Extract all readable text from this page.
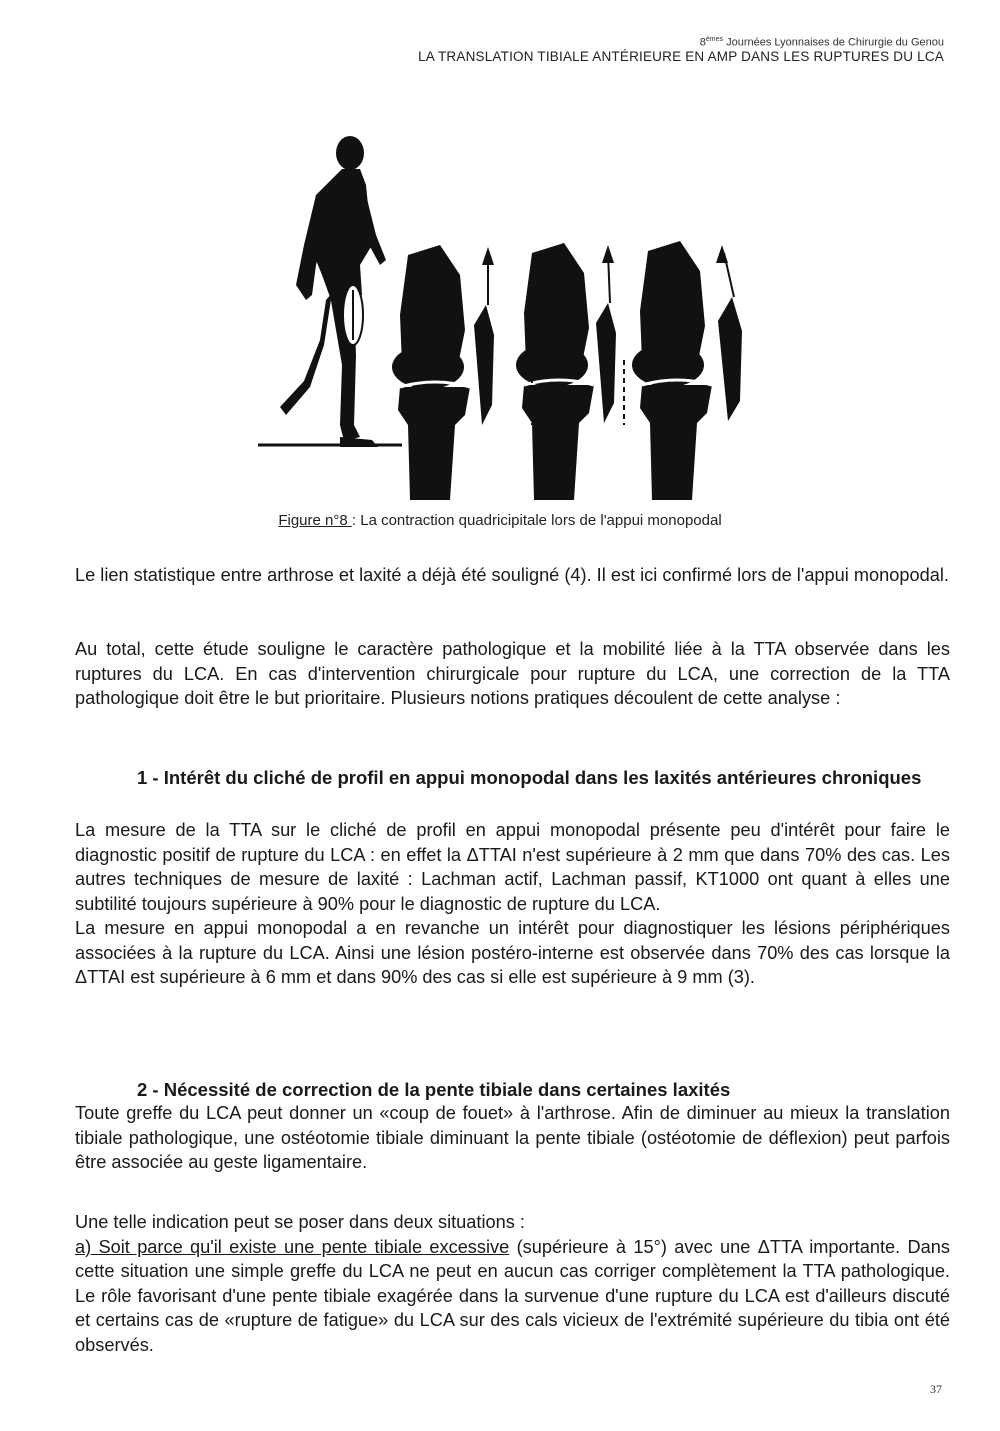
8èmes Journées Lyonnaises de Chirurgie du Genou
LA TRANSLATION TIBIALE ANTÉRIEURE EN AMP DANS LES RUPTURES DU LCA
Figure n°8 : La contraction quadricipitale lors de l'appui monopodal
Le lien statistique entre arthrose et laxité a déjà été souligné (4). Il est ici confirmé lors de l'appui monopodal.
Au total, cette étude souligne le caractère pathologique et la mobilité liée à la TTA observée dans les ruptures du LCA. En cas d'intervention chirurgicale pour rupture du LCA, une correction de la TTA pathologique doit être le but prioritaire. Plusieurs notions pratiques découlent de cette analyse :
1 - Intérêt du cliché de profil en appui monopodal dans les laxités antérieures chroniques

La mesure de la TTA sur le cliché de profil en appui monopodal présente peu d'intérêt pour faire le diagnostic positif de rupture du LCA : en effet la ΔTTAI n'est supérieure à 2 mm que dans 70% des cas. Les autres techniques de mesure de laxité : Lachman actif, Lachman passif, KT1000 ont quant à elles une subtilité toujours supérieure à 90% pour le diagnostic de rupture du LCA.

La mesure en appui monopodal a en revanche un intérêt pour diagnostiquer les lésions périphériques associées à la rupture du LCA. Ainsi une lésion postéro-interne est observée dans 70% des cas lorsque la ΔTTAI est supérieure à 6 mm et dans 90% des cas si elle est supérieure à 9 mm (3).

2 - Nécessité de correction de la pente tibiale dans certaines laxités
Toute greffe du LCA peut donner un «coup de fouet» à l'arthrose. Afin de diminuer au mieux la translation tibiale pathologique, une ostéotomie tibiale diminuant la pente tibiale (ostéotomie de déflexion) peut parfois être associée au geste ligamentaire.

Une telle indication peut se poser dans deux situations :

a) Soit parce qu'il existe une pente tibiale excessive (supérieure à 15°) avec une ΔTTA importante. Dans cette situation une simple greffe du LCA ne peut en aucun cas corriger complètement la TTA pathologique. Le rôle favorisant d'une pente tibiale exagérée dans la survenue d'une rupture du LCA est d'ailleurs discuté et certains cas de «rupture de fatigue» du LCA sur des cals vicieux de l'extrémité supérieure du tibia ont été observés.

37
